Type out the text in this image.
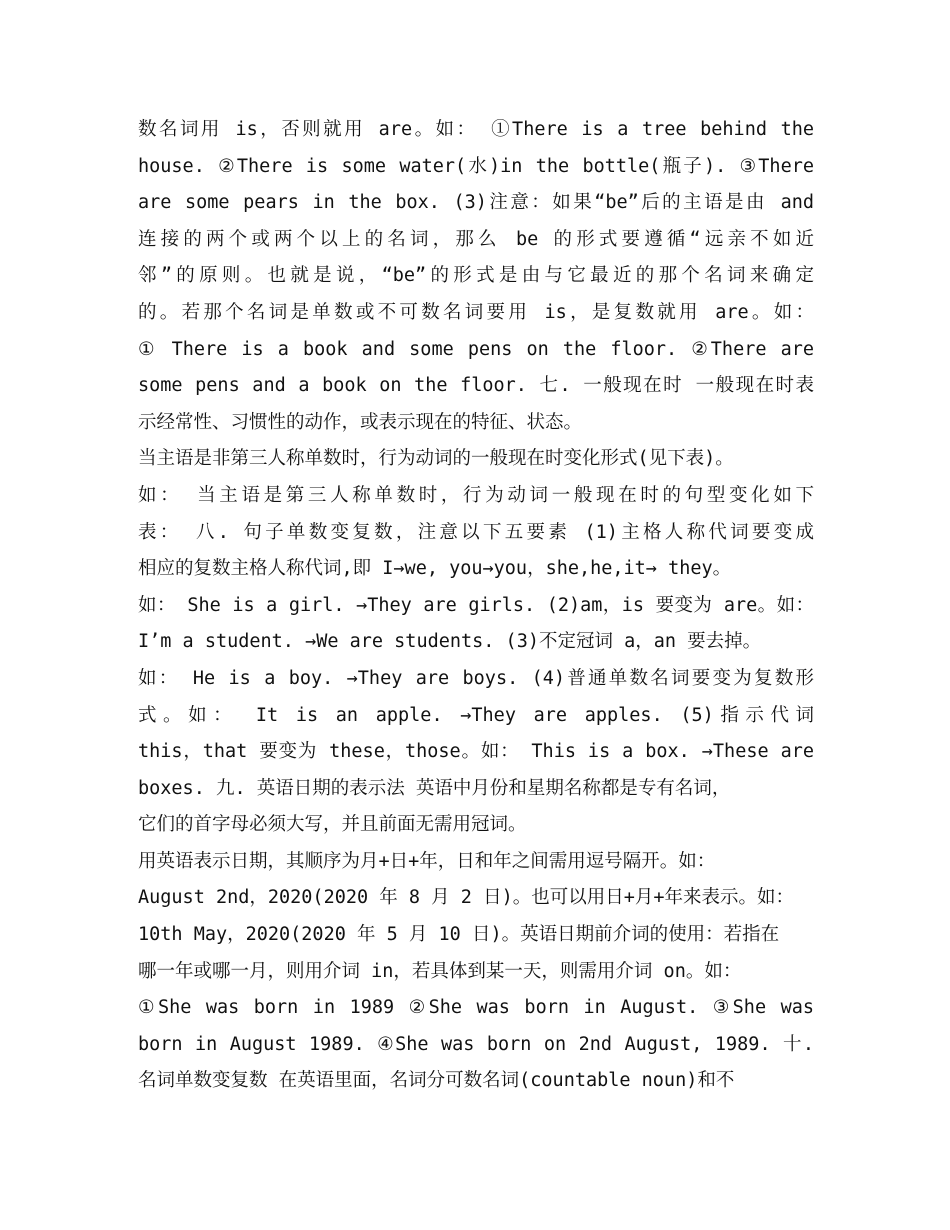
数名词用 is，否则就用 are。如： ①There is a tree behind the
house. ②There is some water(水)in the bottle(瓶子). ③There
are some pears in the box. (3)注意：如果“be”后的主语是由 and
连接的两个或两个以上的名词，那么 be 的形式要遵循“远亲不如近
邻”的原则。也就是说，“be”的形式是由与它最近的那个名词来确定
的。若那个名词是单数或不可数名词要用 is，是复数就用 are。如：
① There is a book and some pens on the floor. ②There are
some pens and a book on the floor. 七. 一般现在时 一般现在时表
示经常性、习惯性的动作，或表示现在的特征、状态。
当主语是非第三人称单数时，行为动词的一般现在时变化形式(见下表)。
如： 当主语是第三人称单数时，行为动词一般现在时的句型变化如下
表： 八. 句子单数变复数，注意以下五要素 (1)主格人称代词要变成
相应的复数主格人称代词,即 I→we, you→you，she,he,it→ they。
如： She is a girl. →They are girls. (2)am，is 要变为 are。如：
I’m a student. →We are students. (3)不定冠词 a，an 要去掉。
如： He is a boy. →They are boys. (4)普通单数名词要变为复数形
式。如： It is an apple. →They are apples. (5)指示代词
this，that 要变为 these，those。如： This is a box. →These are
boxes. 九. 英语日期的表示法 英语中月份和星期名称都是专有名词，
它们的首字母必须大写，并且前面无需用冠词。
用英语表示日期，其顺序为月+日+年，日和年之间需用逗号隔开。如：
August 2nd，2020(2020 年 8 月 2 日)。也可以用日+月+年来表示。如：
10th May，2020(2020 年 5 月 10 日)。英语日期前介词的使用：若指在
哪一年或哪一月，则用介词 in，若具体到某一天，则需用介词 on。如：
①She was born in 1989 ②She was born in August. ③She was
born in August 1989. ④She was born on 2nd August, 1989. 十.
名词单数变复数 在英语里面，名词分可数名词(countable noun)和不
